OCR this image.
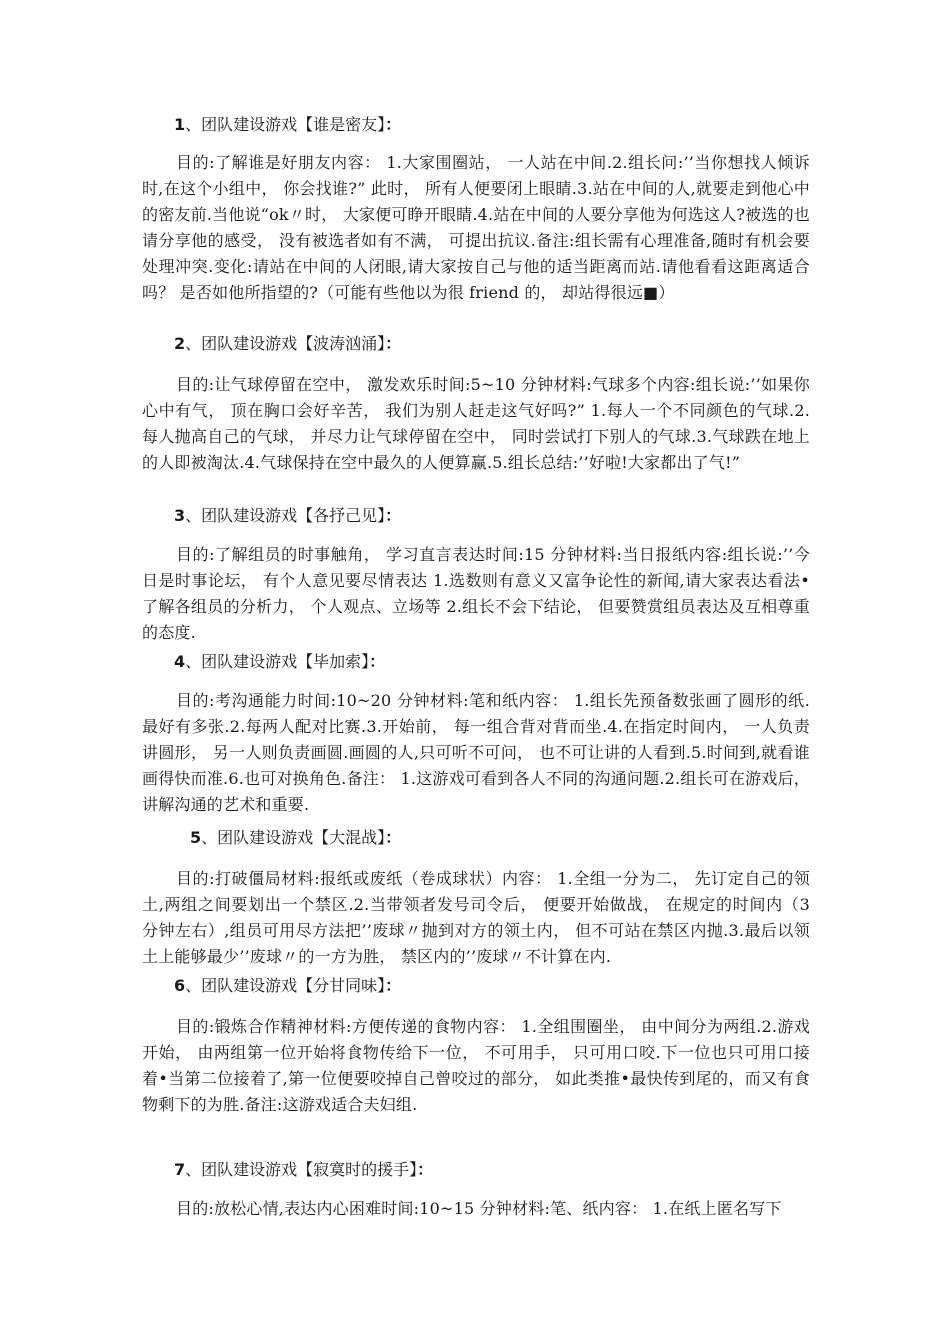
1、团队建设游戏【谁是密友】：

目的:了解谁是好朋友内容： 1.大家围圈站， 一人站在中间.2.组长问:’’当你想找人倾诉时,在这个小组中， 你会找谁?” 此时， 所有人便要闭上眼睛.3.站在中间的人,就要走到他心中的密友前.当他说“ok〃时， 大家便可睁开眼睛.4.站在中间的人要分享他为何选这人?被选的也请分享他的感受， 没有被选者如有不满， 可提出抗议.备注:组长需有心理准备,随时有机会要处理冲突.变化:请站在中间的人闭眼,请大家按自己与他的适当距离而站.请他看看这距离适合吗？ 是否如他所指望的?（可能有些他以为很 friend 的， 却站得很远■）

2、团队建设游戏【波涛汹涌】：

目的:让气球停留在空中， 激发欢乐时间:5~10 分钟材料:气球多个内容:组长说:’’如果你心中有气， 顶在胸口会好辛苦， 我们为别人赶走这气好吗?” 1.每人一个不同颜色的气球.2.每人抛高自己的气球， 并尽力让气球停留在空中， 同时尝试打下别人的气球.3.气球跌在地上的人即被淘汰.4.气球保持在空中最久的人便算赢.5.组长总结:’’好啦!大家都出了气!”

3、团队建设游戏【各抒己见】：

目的:了解组员的时事触角， 学习直言表达时间:15 分钟材料:当日报纸内容:组长说:’’今日是时事论坛， 有个人意见要尽情表达 1.选数则有意义又富争论性的新闻,请大家表达看法•了解各组员的分析力， 个人观点、立场等 2.组长不会下结论， 但要赞赏组员表达及互相尊重的态度.

4、团队建设游戏【毕加索】：

目的:考沟通能力时间:10~20 分钟材料:笔和纸内容： 1.组长先预备数张画了圆形的纸.最好有多张.2.每两人配对比赛.3.开始前， 每一组合背对背而坐.4.在指定时间内， 一人负责讲圆形， 另一人则负责画圆.画圆的人,只可听不可问， 也不可让讲的人看到.5.时间到,就看谁画得快而准.6.也可对换角色.备注： 1.这游戏可看到各人不同的沟通问题.2.组长可在游戏后， 讲解沟通的艺术和重要.

5、团队建设游戏【大混战】：

目的:打破僵局材料:报纸或废纸（卷成球状）内容： 1.全组一分为二， 先订定自己的领土,两组之间要划出一个禁区.2.当带领者发号司令后， 便要开始做战， 在规定的时间内（3 分钟左右）,组员可用尽方法把’’废球〃抛到对方的领土内， 但不可站在禁区内抛.3.最后以领土上能够最少’’废球〃的一方为胜， 禁区内的’’废球〃不计算在内.

6、团队建设游戏【分甘同味】：

目的:锻炼合作精神材料:方便传递的食物内容： 1.全组围圈坐， 由中间分为两组.2.游戏开始， 由两组第一位开始将食物传给下一位， 不可用手， 只可用口咬.下一位也只可用口接着•当第二位接着了,第一位便要咬掉自己曾咬过的部分， 如此类推•最快传到尾的，而又有食物剩下的为胜.备注:这游戏适合夫妇组.

7、团队建设游戏【寂寞时的援手】：

目的:放松心情,表达内心困难时间:10~15 分钟材料:笔、纸内容： 1.在纸上匿名写下
